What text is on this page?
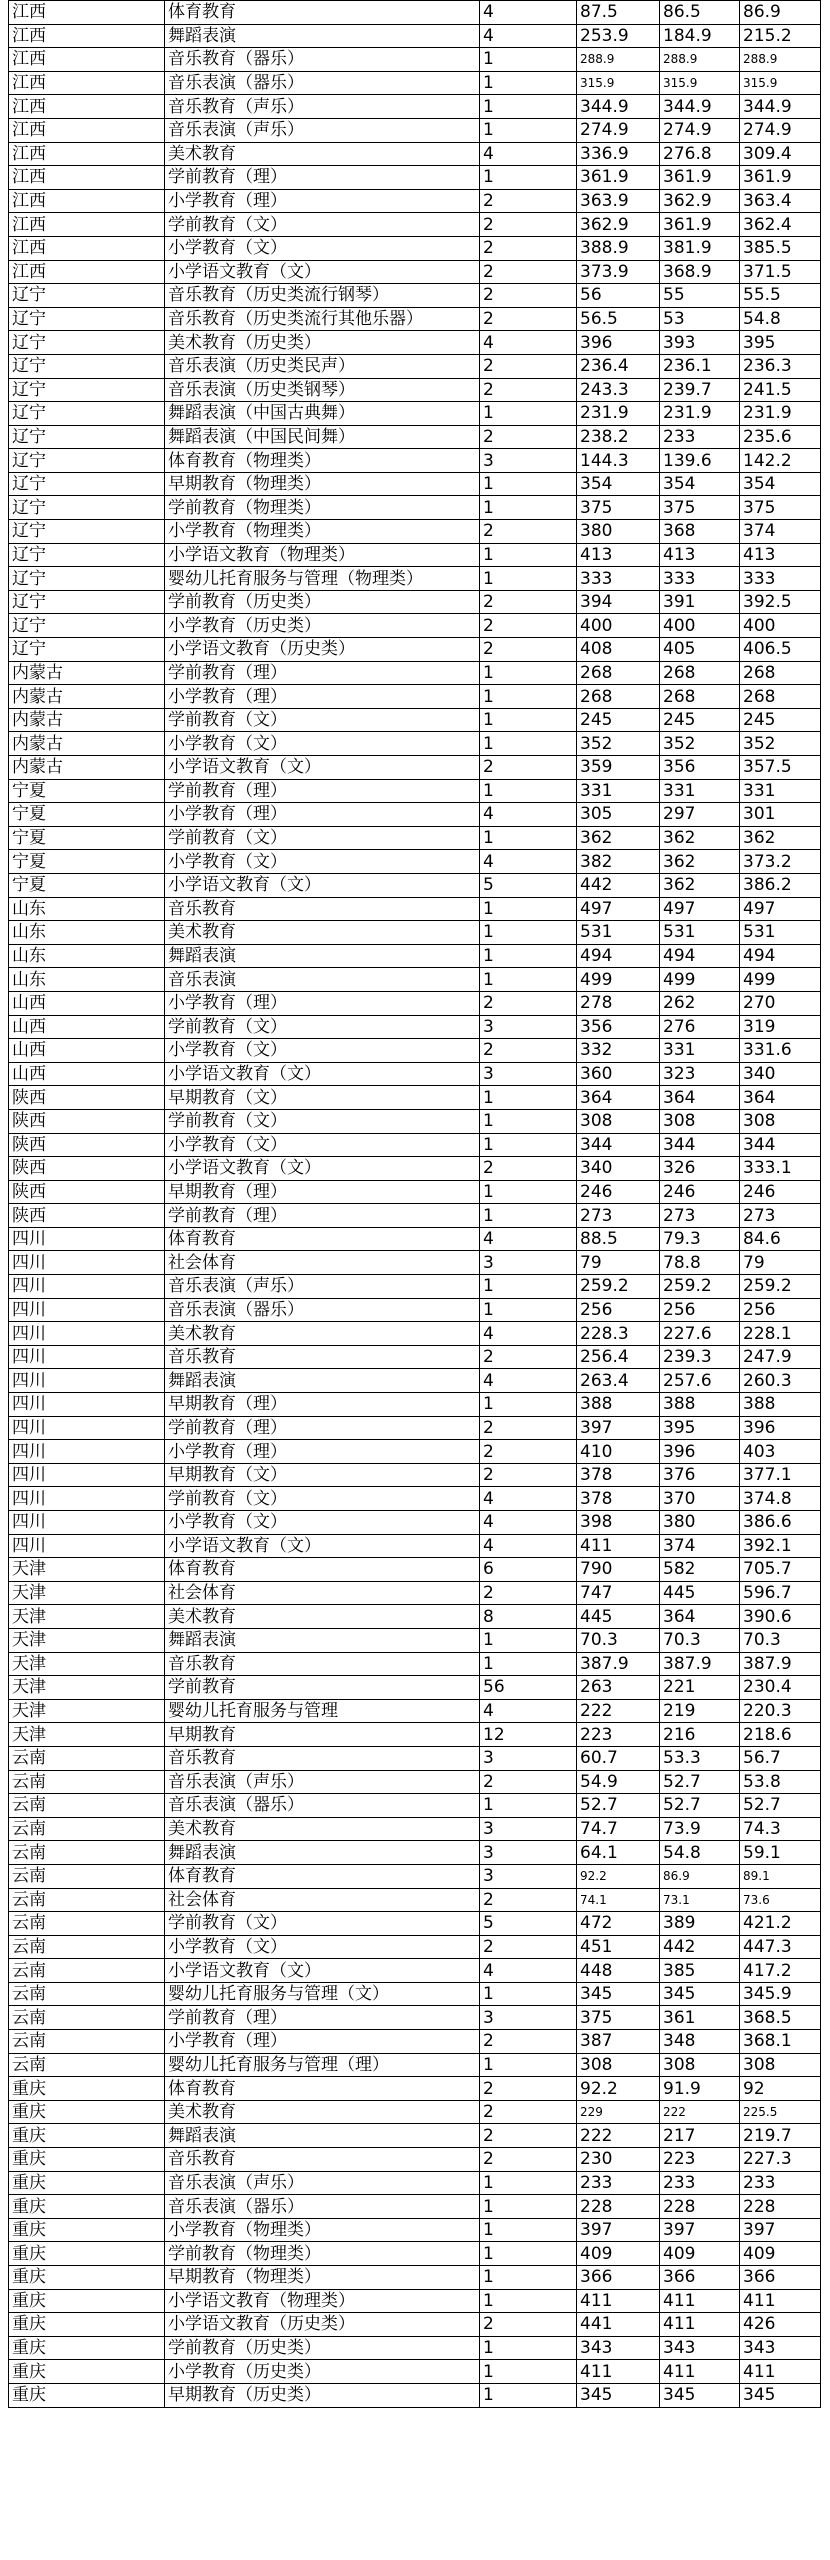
江西	体育教育	4	87.5	86.5	86.9
江西	舞蹈表演	4	253.9	184.9	215.2
江西	音乐教育（器乐）	1	288.9	288.9	288.9
江西	音乐表演（器乐）	1	315.9	315.9	315.9
江西	音乐教育（声乐）	1	344.9	344.9	344.9
江西	音乐表演（声乐）	1	274.9	274.9	274.9
江西	美术教育	4	336.9	276.8	309.4
江西	学前教育（理）	1	361.9	361.9	361.9
江西	小学教育（理）	2	363.9	362.9	363.4
江西	学前教育（文）	2	362.9	361.9	362.4
江西	小学教育（文）	2	388.9	381.9	385.5
江西	小学语文教育（文）	2	373.9	368.9	371.5
辽宁	音乐教育（历史类流行钢琴）	2	56	55	55.5
辽宁	音乐教育（历史类流行其他乐器）	2	56.5	53	54.8
辽宁	美术教育（历史类）	4	396	393	395
辽宁	音乐表演（历史类民声）	2	236.4	236.1	236.3
辽宁	音乐表演（历史类钢琴）	2	243.3	239.7	241.5
辽宁	舞蹈表演（中国古典舞）	1	231.9	231.9	231.9
辽宁	舞蹈表演（中国民间舞）	2	238.2	233	235.6
辽宁	体育教育（物理类）	3	144.3	139.6	142.2
辽宁	早期教育（物理类）	1	354	354	354
辽宁	学前教育（物理类）	1	375	375	375
辽宁	小学教育（物理类）	2	380	368	374
辽宁	小学语文教育（物理类）	1	413	413	413
辽宁	婴幼儿托育服务与管理（物理类）	1	333	333	333
辽宁	学前教育（历史类）	2	394	391	392.5
辽宁	小学教育（历史类）	2	400	400	400
辽宁	小学语文教育（历史类）	2	408	405	406.5
内蒙古	学前教育（理）	1	268	268	268
内蒙古	小学教育（理）	1	268	268	268
内蒙古	学前教育（文）	1	245	245	245
内蒙古	小学教育（文）	1	352	352	352
内蒙古	小学语文教育（文）	2	359	356	357.5
宁夏	学前教育（理）	1	331	331	331
宁夏	小学教育（理）	4	305	297	301
宁夏	学前教育（文）	1	362	362	362
宁夏	小学教育（文）	4	382	362	373.2
宁夏	小学语文教育（文）	5	442	362	386.2
山东	音乐教育	1	497	497	497
山东	美术教育	1	531	531	531
山东	舞蹈表演	1	494	494	494
山东	音乐表演	1	499	499	499
山西	小学教育（理）	2	278	262	270
山西	学前教育（文）	3	356	276	319
山西	小学教育（文）	2	332	331	331.6
山西	小学语文教育（文）	3	360	323	340
陕西	早期教育（文）	1	364	364	364
陕西	学前教育（文）	1	308	308	308
陕西	小学教育（文）	1	344	344	344
陕西	小学语文教育（文）	2	340	326	333.1
陕西	早期教育（理）	1	246	246	246
陕西	学前教育（理）	1	273	273	273
四川	体育教育	4	88.5	79.3	84.6
四川	社会体育	3	79	78.8	79
四川	音乐表演（声乐）	1	259.2	259.2	259.2
四川	音乐表演（器乐）	1	256	256	256
四川	美术教育	4	228.3	227.6	228.1
四川	音乐教育	2	256.4	239.3	247.9
四川	舞蹈表演	4	263.4	257.6	260.3
四川	早期教育（理）	1	388	388	388
四川	学前教育（理）	2	397	395	396
四川	小学教育（理）	2	410	396	403
四川	早期教育（文）	2	378	376	377.1
四川	学前教育（文）	4	378	370	374.8
四川	小学教育（文）	4	398	380	386.6
四川	小学语文教育（文）	4	411	374	392.1
天津	体育教育	6	790	582	705.7
天津	社会体育	2	747	445	596.7
天津	美术教育	8	445	364	390.6
天津	舞蹈表演	1	70.3	70.3	70.3
天津	音乐教育	1	387.9	387.9	387.9
天津	学前教育	56	263	221	230.4
天津	婴幼儿托育服务与管理	4	222	219	220.3
天津	早期教育	12	223	216	218.6
云南	音乐教育	3	60.7	53.3	56.7
云南	音乐表演（声乐）	2	54.9	52.7	53.8
云南	音乐表演（器乐）	1	52.7	52.7	52.7
云南	美术教育	3	74.7	73.9	74.3
云南	舞蹈表演	3	64.1	54.8	59.1
云南	体育教育	3	92.2	86.9	89.1
云南	社会体育	2	74.1	73.1	73.6
云南	学前教育（文）	5	472	389	421.2
云南	小学教育（文）	2	451	442	447.3
云南	小学语文教育（文）	4	448	385	417.2
云南	婴幼儿托育服务与管理（文）	1	345	345	345.9
云南	学前教育（理）	3	375	361	368.5
云南	小学教育（理）	2	387	348	368.1
云南	婴幼儿托育服务与管理（理）	1	308	308	308
重庆	体育教育	2	92.2	91.9	92
重庆	美术教育	2	229	222	225.5
重庆	舞蹈表演	2	222	217	219.7
重庆	音乐教育	2	230	223	227.3
重庆	音乐表演（声乐）	1	233	233	233
重庆	音乐表演（器乐）	1	228	228	228
重庆	小学教育（物理类）	1	397	397	397
重庆	学前教育（物理类）	1	409	409	409
重庆	早期教育（物理类）	1	366	366	366
重庆	小学语文教育（物理类）	1	411	411	411
重庆	小学语文教育（历史类）	2	441	411	426
重庆	学前教育（历史类）	1	343	343	343
重庆	小学教育（历史类）	1	411	411	411
重庆	早期教育（历史类）	1	345	345	345
